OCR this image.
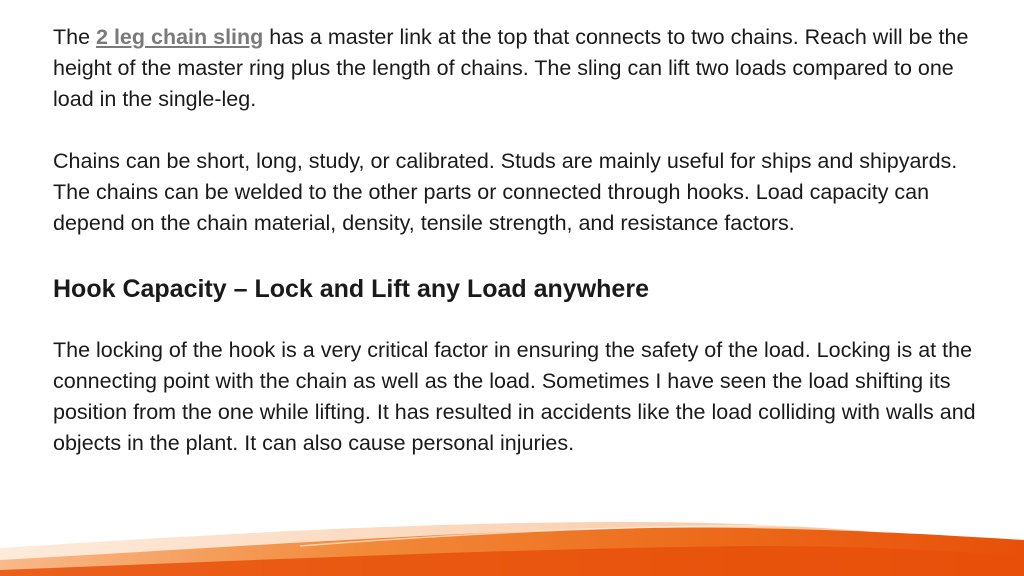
The 2 leg chain sling has a master link at the top that connects to two chains. Reach will be the height of the master ring plus the length of chains. The sling can lift two loads compared to one load in the single-leg.

Chains can be short, long, study, or calibrated. Studs are mainly useful for ships and shipyards. The chains can be welded to the other parts or connected through hooks. Load capacity can depend on the chain material, density, tensile strength, and resistance factors.

Hook Capacity – Lock and Lift any Load anywhere

The locking of the hook is a very critical factor in ensuring the safety of the load. Locking is at the connecting point with the chain as well as the load. Sometimes I have seen the load shifting its position from the one while lifting. It has resulted in accidents like the load colliding with walls and objects in the plant. It can also cause personal injuries.
